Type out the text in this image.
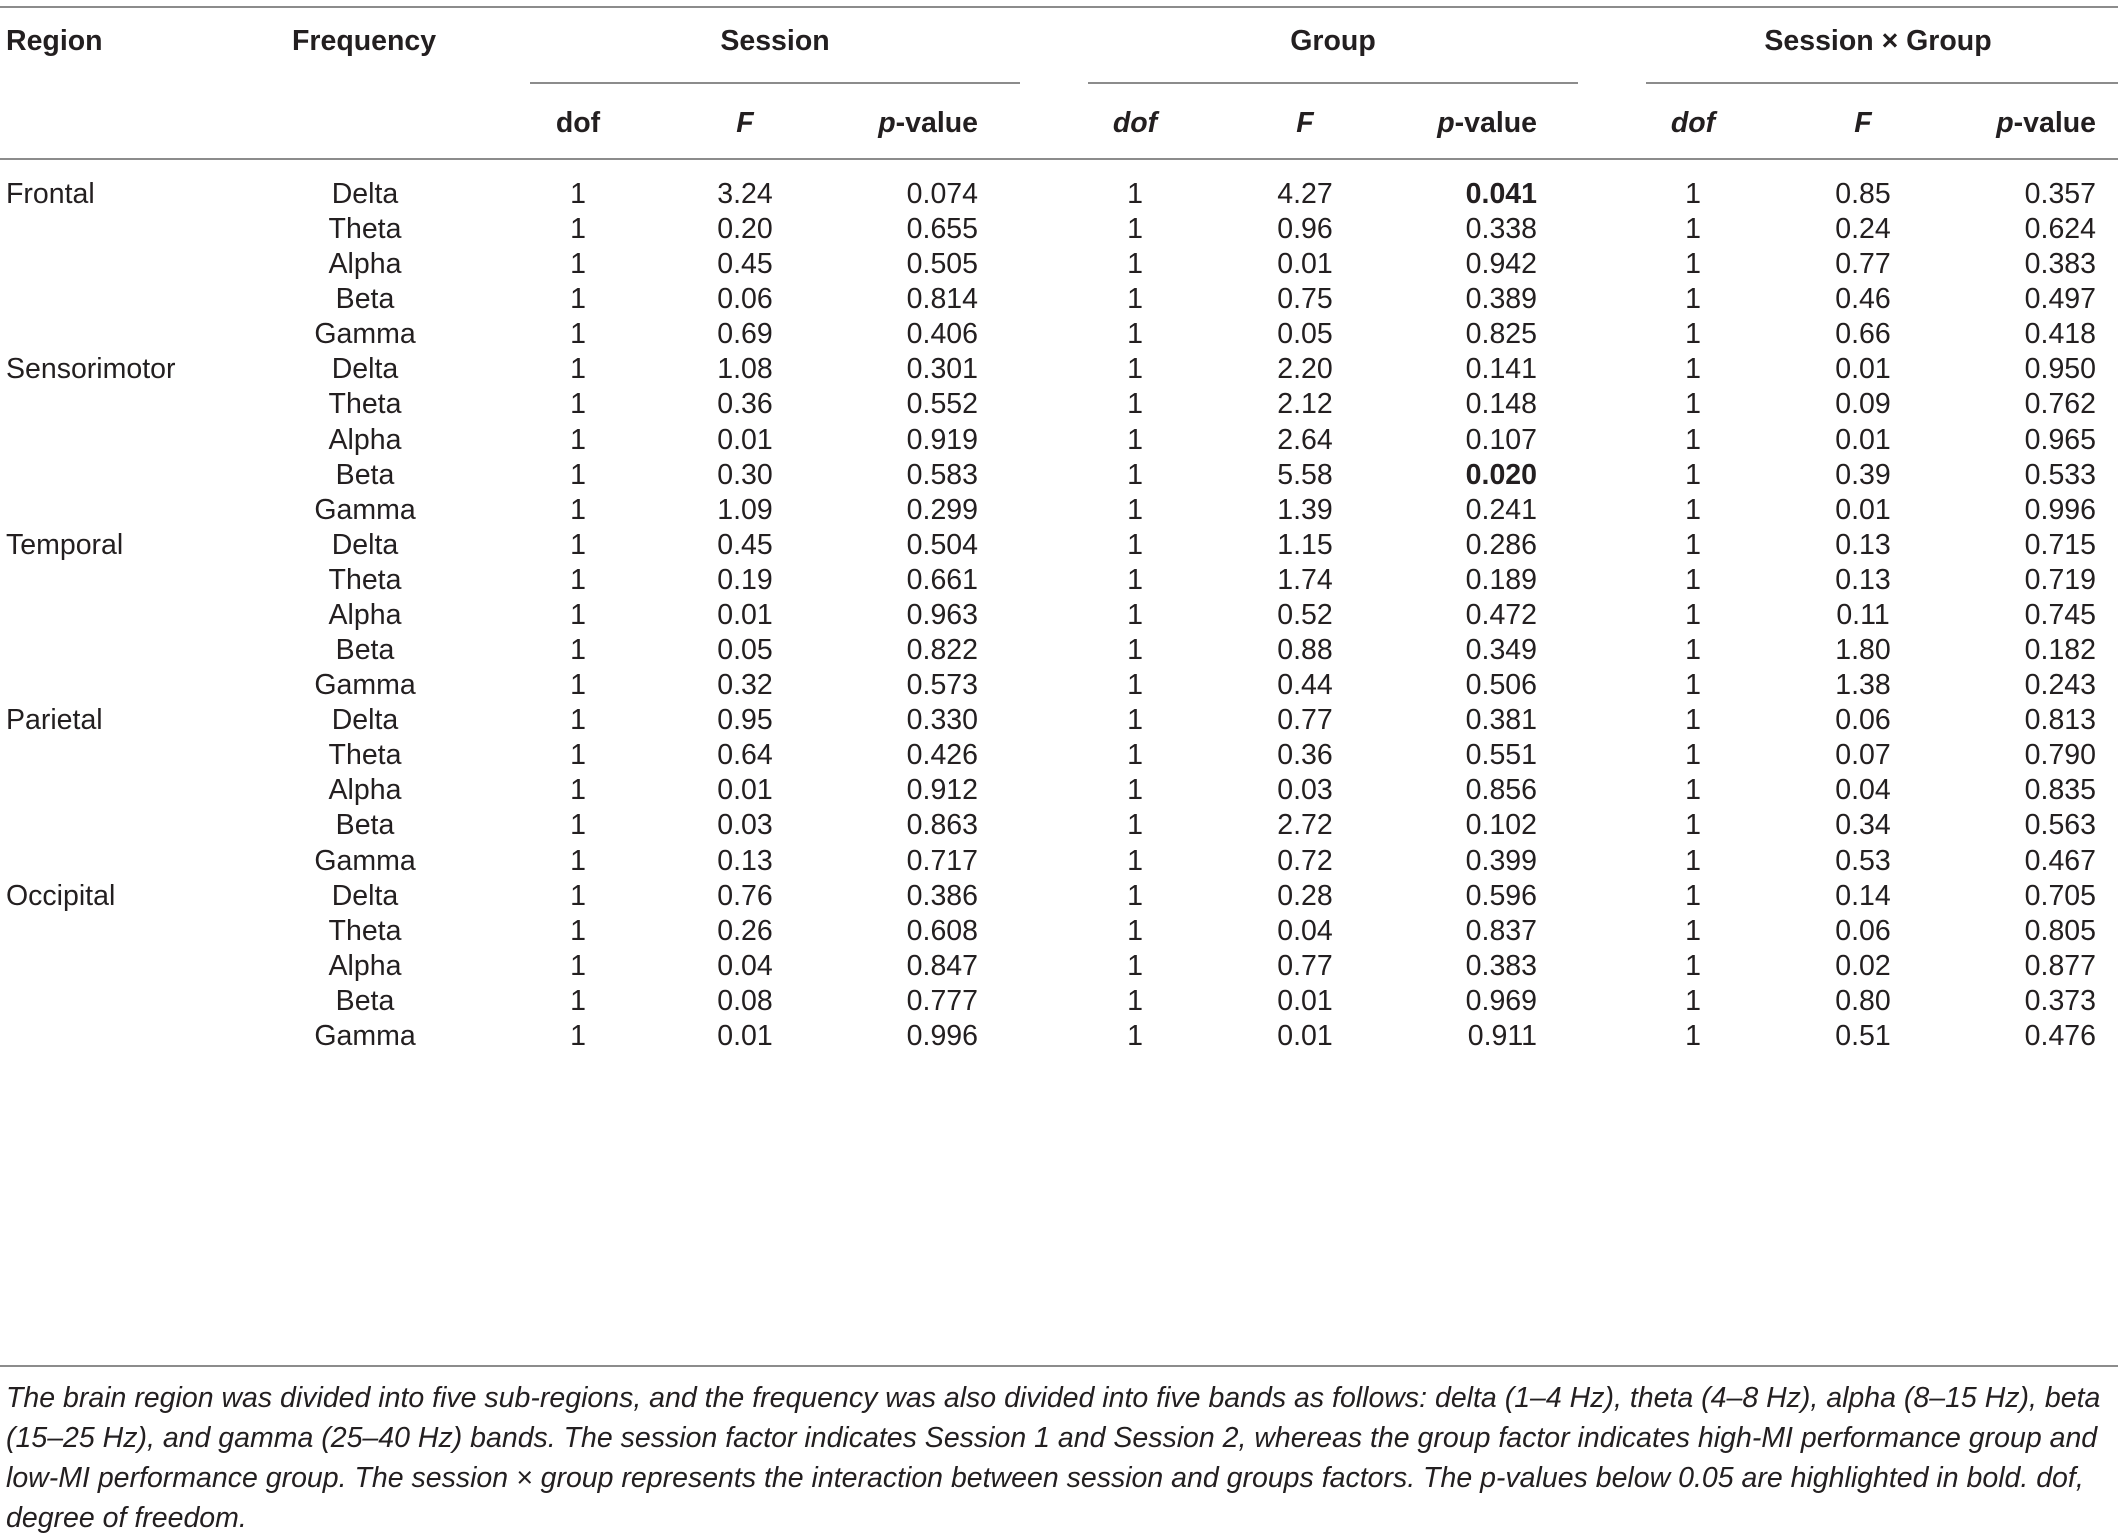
Region	Frequency	Session	Group	Session × Group
dof	F	p-value	dof	F	p-value	dof	F	p-value
Frontal	Delta	1	3.24	0.074	1	4.27	0.041	1	0.85	0.357
Theta	1	0.20	0.655	1	0.96	0.338	1	0.24	0.624
Alpha	1	0.45	0.505	1	0.01	0.942	1	0.77	0.383
Beta	1	0.06	0.814	1	0.75	0.389	1	0.46	0.497
Gamma	1	0.69	0.406	1	0.05	0.825	1	0.66	0.418
Sensorimotor	Delta	1	1.08	0.301	1	2.20	0.141	1	0.01	0.950
Theta	1	0.36	0.552	1	2.12	0.148	1	0.09	0.762
Alpha	1	0.01	0.919	1	2.64	0.107	1	0.01	0.965
Beta	1	0.30	0.583	1	5.58	0.020	1	0.39	0.533
Gamma	1	1.09	0.299	1	1.39	0.241	1	0.01	0.996
Temporal	Delta	1	0.45	0.504	1	1.15	0.286	1	0.13	0.715
Theta	1	0.19	0.661	1	1.74	0.189	1	0.13	0.719
Alpha	1	0.01	0.963	1	0.52	0.472	1	0.11	0.745
Beta	1	0.05	0.822	1	0.88	0.349	1	1.80	0.182
Gamma	1	0.32	0.573	1	0.44	0.506	1	1.38	0.243
Parietal	Delta	1	0.95	0.330	1	0.77	0.381	1	0.06	0.813
Theta	1	0.64	0.426	1	0.36	0.551	1	0.07	0.790
Alpha	1	0.01	0.912	1	0.03	0.856	1	0.04	0.835
Beta	1	0.03	0.863	1	2.72	0.102	1	0.34	0.563
Gamma	1	0.13	0.717	1	0.72	0.399	1	0.53	0.467
Occipital	Delta	1	0.76	0.386	1	0.28	0.596	1	0.14	0.705
Theta	1	0.26	0.608	1	0.04	0.837	1	0.06	0.805
Alpha	1	0.04	0.847	1	0.77	0.383	1	0.02	0.877
Beta	1	0.08	0.777	1	0.01	0.969	1	0.80	0.373
Gamma	1	0.01	0.996	1	0.01	0.911	1	0.51	0.476
The brain region was divided into five sub-regions, and the frequency was also divided into five bands as follows: delta (1–4 Hz), theta (4–8 Hz), alpha (8–15 Hz), beta (15–25 Hz), and gamma (25–40 Hz) bands. The session factor indicates Session 1 and Session 2, whereas the group factor indicates high-MI performance group and low-MI performance group. The session × group represents the interaction between session and groups factors. The p-values below 0.05 are highlighted in bold. dof, degree of freedom.
